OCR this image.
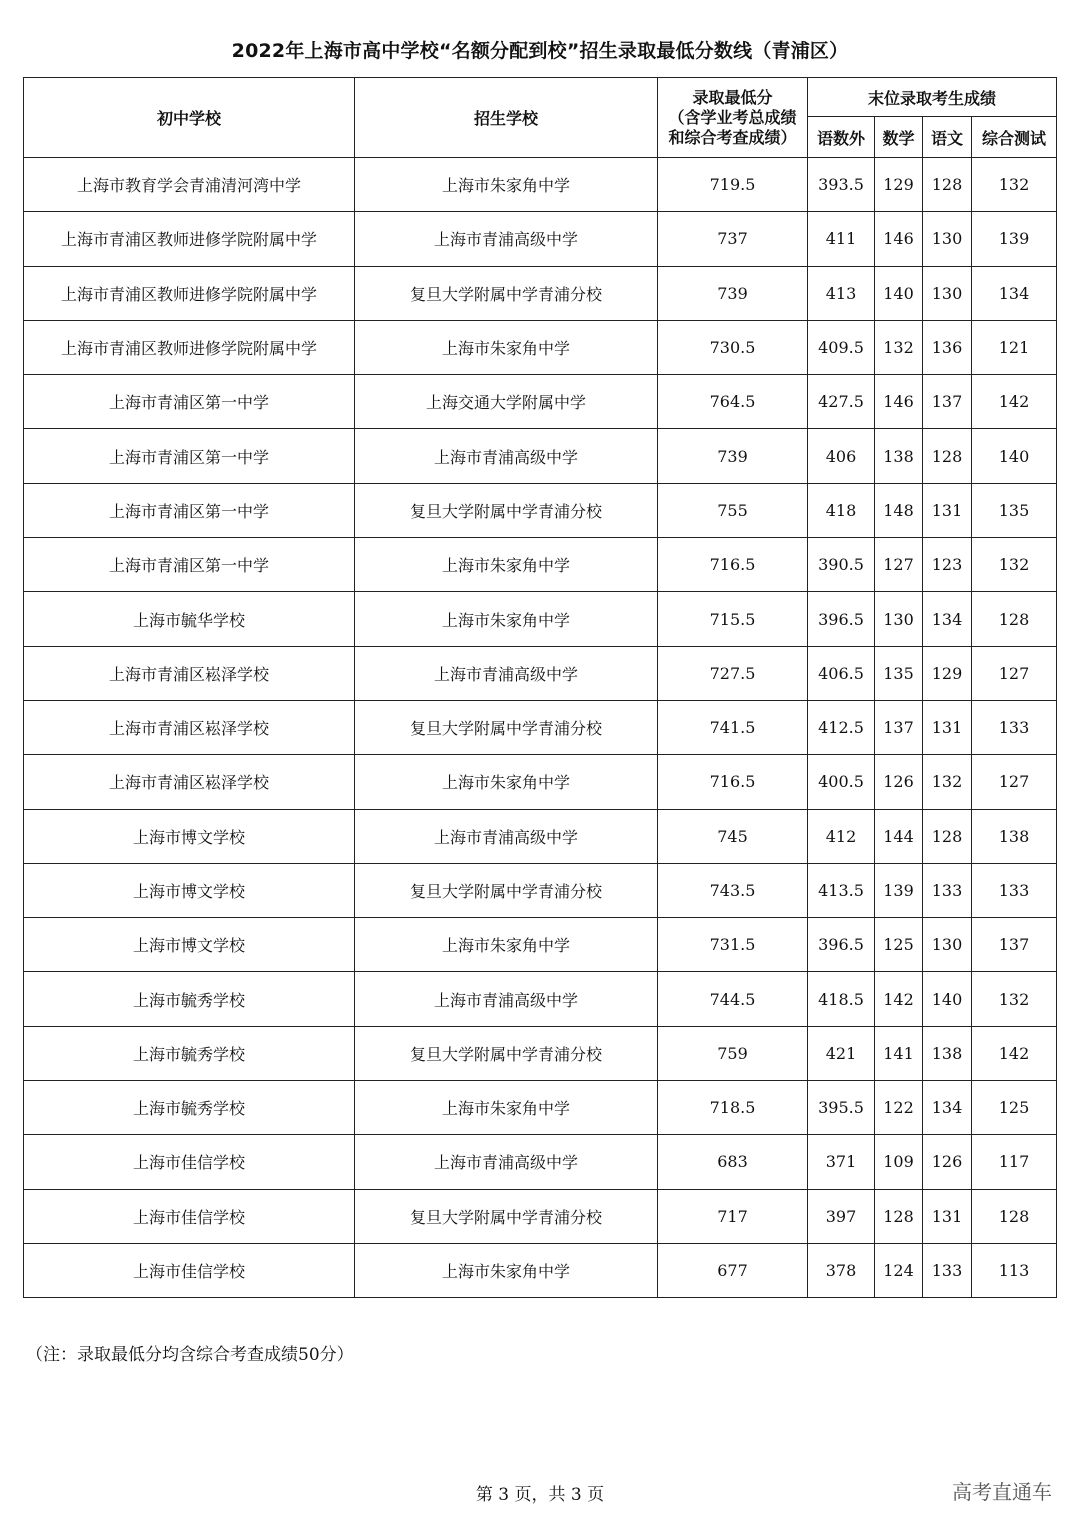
2022年上海市高中学校“名额分配到校”招生录取最低分数线（青浦区）
初中学校	招生学校	录取最低分
（含学业考总成绩和综合考查成绩）	末位录取考生成绩			
			语数外	数学	语文	综合测试
上海市教育学会青浦清河湾中学	上海市朱家角中学	719.5	393.5	129	128	132
上海市青浦区教师进修学院附属中学	上海市青浦高级中学	737	411	146	130	139
上海市青浦区教师进修学院附属中学	复旦大学附属中学青浦分校	739	413	140	130	134
上海市青浦区教师进修学院附属中学	上海市朱家角中学	730.5	409.5	132	136	121
上海市青浦区第一中学	上海交通大学附属中学	764.5	427.5	146	137	142
上海市青浦区第一中学	上海市青浦高级中学	739	406	138	128	140
上海市青浦区第一中学	复旦大学附属中学青浦分校	755	418	148	131	135
上海市青浦区第一中学	上海市朱家角中学	716.5	390.5	127	123	132
上海市毓华学校	上海市朱家角中学	715.5	396.5	130	134	128
上海市青浦区崧泽学校	上海市青浦高级中学	727.5	406.5	135	129	127
上海市青浦区崧泽学校	复旦大学附属中学青浦分校	741.5	412.5	137	131	133
上海市青浦区崧泽学校	上海市朱家角中学	716.5	400.5	126	132	127
上海市博文学校	上海市青浦高级中学	745	412	144	128	138
上海市博文学校	复旦大学附属中学青浦分校	743.5	413.5	139	133	133
上海市博文学校	上海市朱家角中学	731.5	396.5	125	130	137
上海市毓秀学校	上海市青浦高级中学	744.5	418.5	142	140	132
上海市毓秀学校	复旦大学附属中学青浦分校	759	421	141	138	142
上海市毓秀学校	上海市朱家角中学	718.5	395.5	122	134	125
上海市佳信学校	上海市青浦高级中学	683	371	109	126	117
上海市佳信学校	复旦大学附属中学青浦分校	717	397	128	131	128
上海市佳信学校	上海市朱家角中学	677	378	124	133	113
（注：录取最低分均含综合考查成绩50分）
第 3 页，共 3 页	高考直通车
